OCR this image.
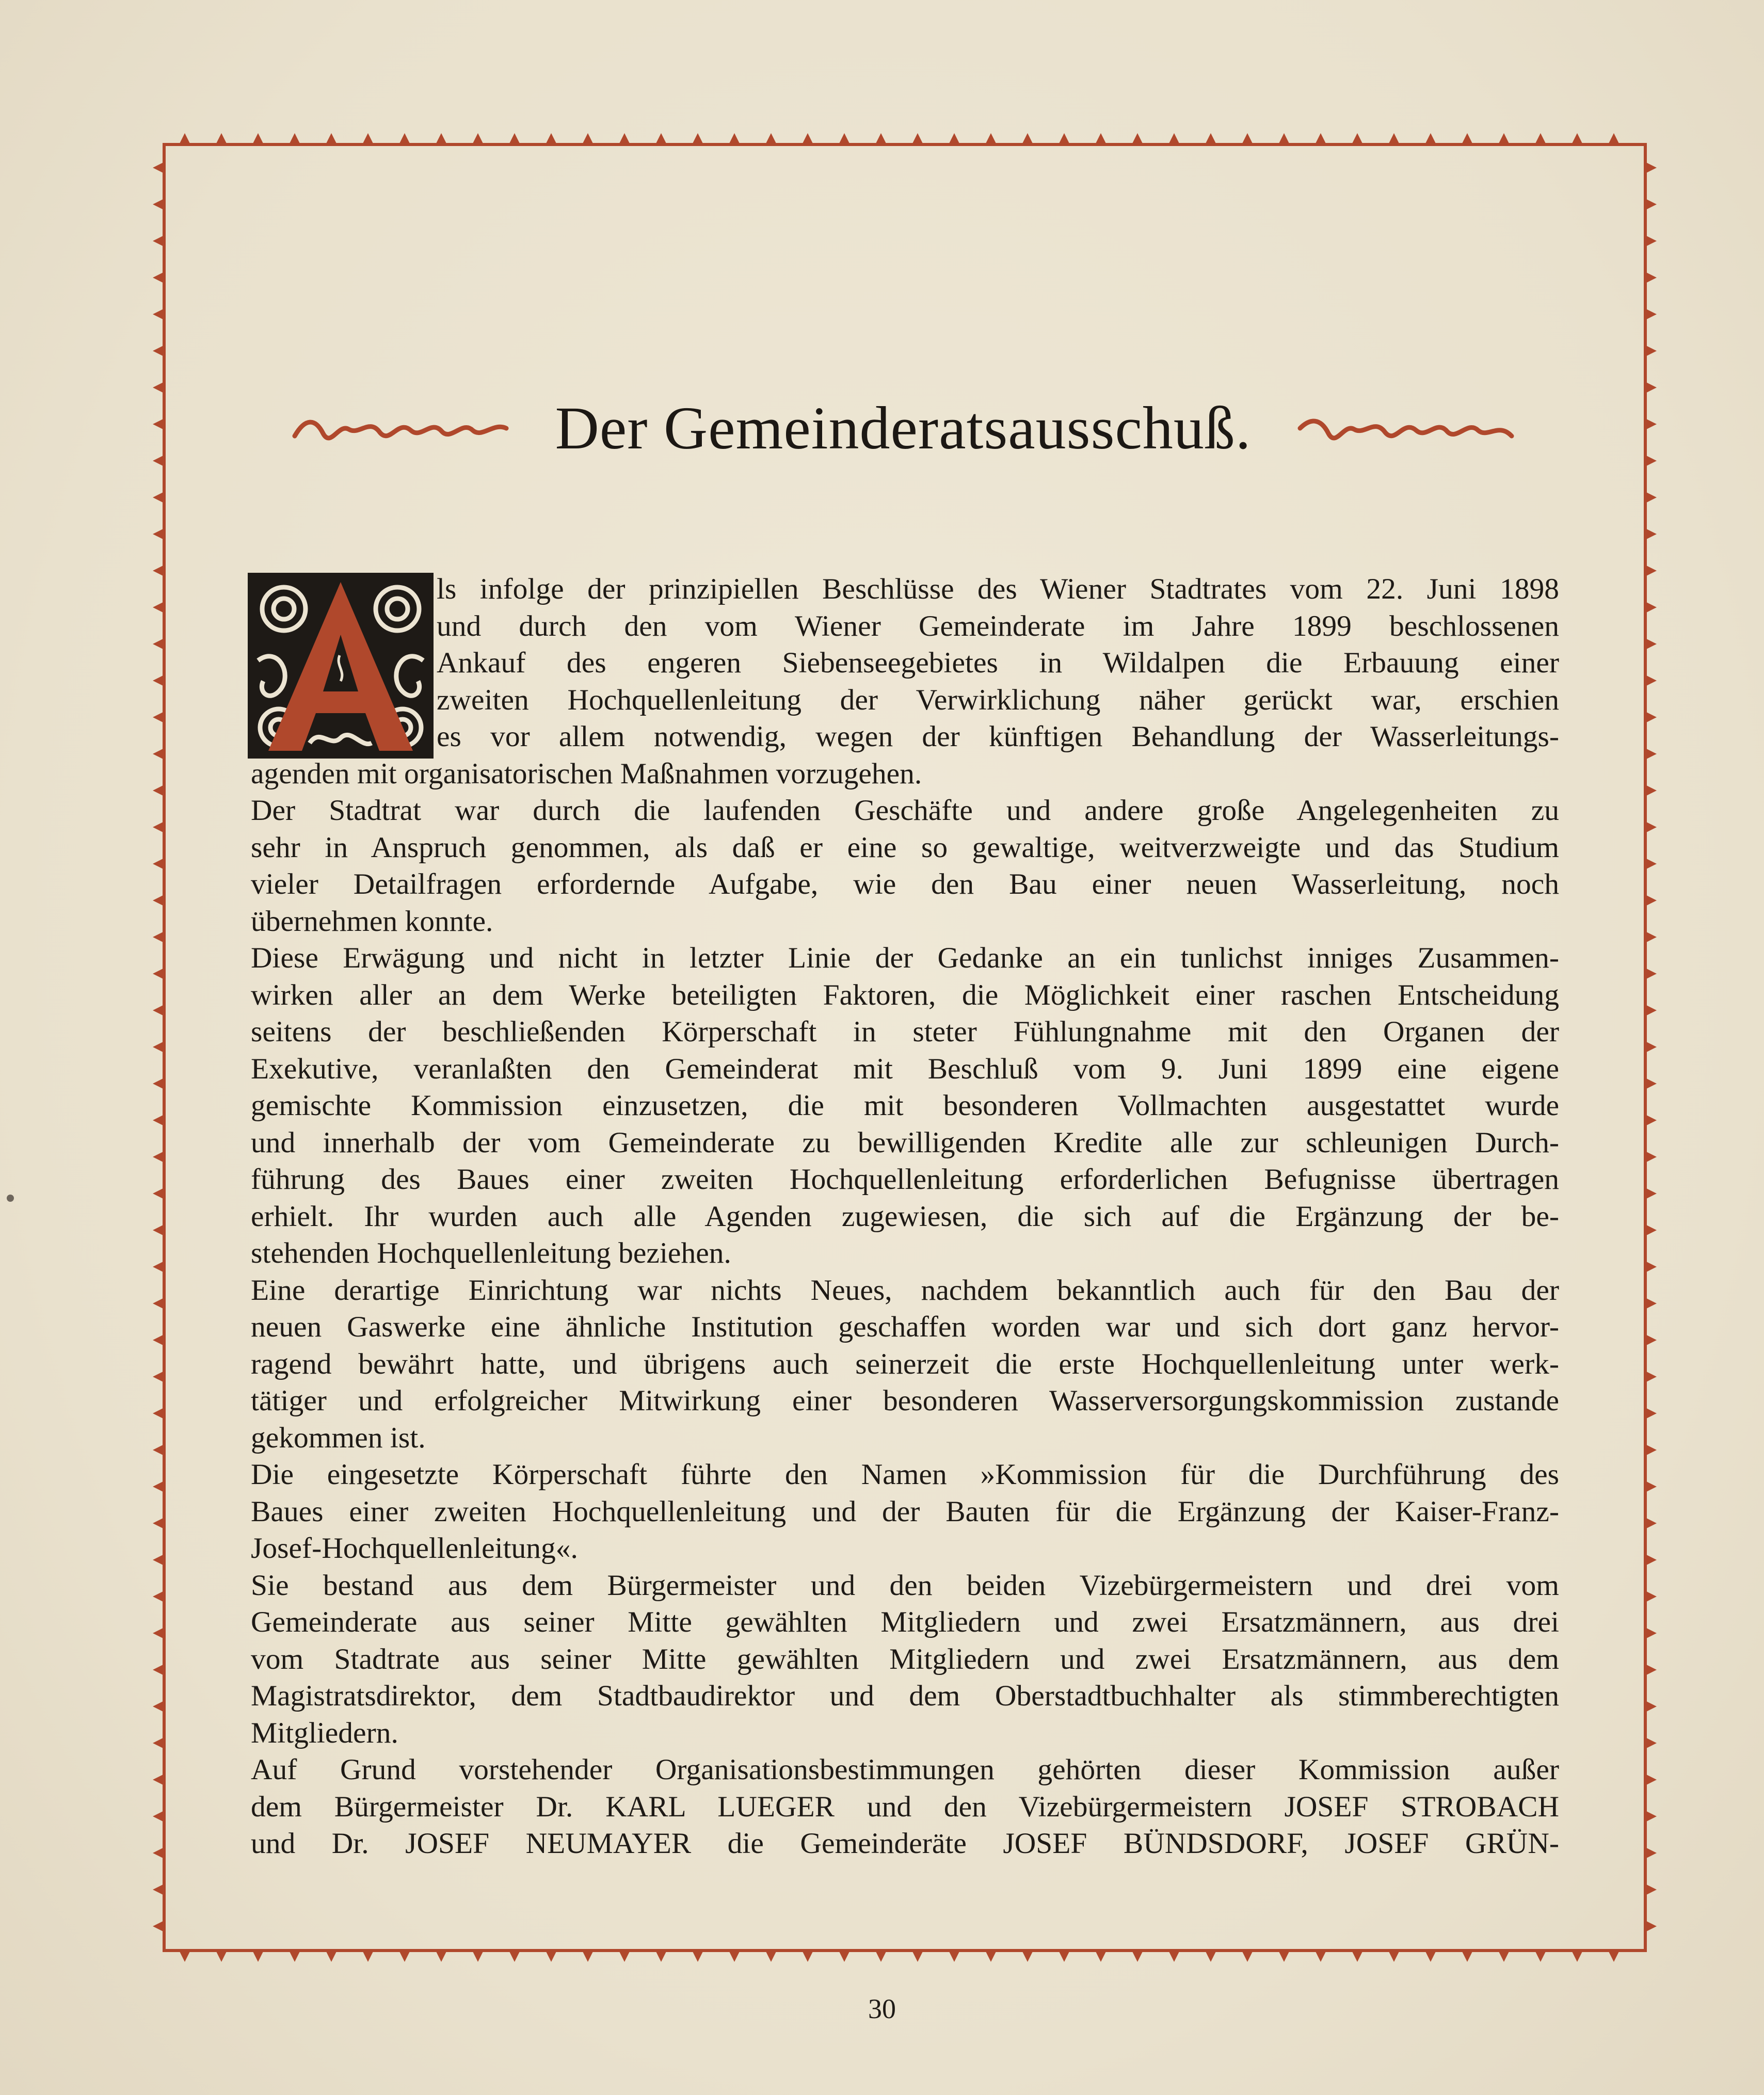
Der Gemeinderatsausschuß.
ls infolge der prinzipiellen Beschlüsse des Wiener Stadtrates vom 22. Juni 1898
und durch den vom Wiener Gemeinderate im Jahre 1899 beschlossenen
Ankauf des engeren Siebenseegebietes in Wildalpen die Erbauung einer
zweiten Hochquellenleitung der Verwirklichung näher gerückt war, erschien
es vor allem notwendig, wegen der künftigen Behandlung der Wasserleitungs-
agenden mit organisatorischen Maßnahmen vorzugehen.
Der Stadtrat war durch die laufenden Geschäfte und andere große Angelegenheiten zu
sehr in Anspruch genommen, als daß er eine so gewaltige, weitverzweigte und das Studium
vieler Detailfragen erfordernde Aufgabe, wie den Bau einer neuen Wasserleitung, noch
übernehmen konnte.
Diese Erwägung und nicht in letzter Linie der Gedanke an ein tunlichst inniges Zusammen-
wirken aller an dem Werke beteiligten Faktoren, die Möglichkeit einer raschen Entscheidung
seitens der beschließenden Körperschaft in steter Fühlungnahme mit den Organen der
Exekutive, veranlaßten den Gemeinderat mit Beschluß vom 9. Juni 1899 eine eigene
gemischte Kommission einzusetzen, die mit besonderen Vollmachten ausgestattet wurde
und innerhalb der vom Gemeinderate zu bewilligenden Kredite alle zur schleunigen Durch-
führung des Baues einer zweiten Hochquellenleitung erforderlichen Befugnisse übertragen
erhielt. Ihr wurden auch alle Agenden zugewiesen, die sich auf die Ergänzung der be-
stehenden Hochquellenleitung beziehen.
Eine derartige Einrichtung war nichts Neues, nachdem bekanntlich auch für den Bau der
neuen Gaswerke eine ähnliche Institution geschaffen worden war und sich dort ganz hervor-
ragend bewährt hatte, und übrigens auch seinerzeit die erste Hochquellenleitung unter werk-
tätiger und erfolgreicher Mitwirkung einer besonderen Wasserversorgungskommission zustande
gekommen ist.
Die eingesetzte Körperschaft führte den Namen »Kommission für die Durchführung des
Baues einer zweiten Hochquellenleitung und der Bauten für die Ergänzung der Kaiser-Franz-
Josef-Hochquellenleitung«.
Sie bestand aus dem Bürgermeister und den beiden Vizebürgermeistern und drei vom
Gemeinderate aus seiner Mitte gewählten Mitgliedern und zwei Ersatzmännern, aus drei
vom Stadtrate aus seiner Mitte gewählten Mitgliedern und zwei Ersatzmännern, aus dem
Magistratsdirektor, dem Stadtbaudirektor und dem Oberstadtbuchhalter als stimmberechtigten
Mitgliedern.
Auf Grund vorstehender Organisationsbestimmungen gehörten dieser Kommission außer
dem Bürgermeister Dr. KARL LUEGER und den Vizebürgermeistern JOSEF STROBACH
und Dr. JOSEF NEUMAYER die Gemeinderäte JOSEF BÜNDSDORF, JOSEF GRÜN-
30
